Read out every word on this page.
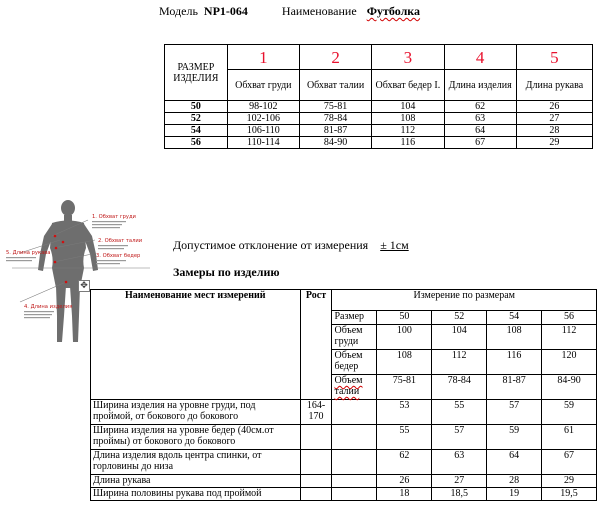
Модель NP1-064	Наименование Футболка
РАЗМЕР
ИЗДЕЛИЯ	1	2	3	4	5
	Обхват груди	Обхват талии	Обхват бедер I.	Длина изделия	Длина рукава
50	98-102	75-81	104	62	26
52	102-106	78-84	108	63	27
54	106-110	81-87	112	64	28
56	110-114	84-90	116	67	29
1. Обхват груди
2. Обхват талии
3. Обхват бедер
4. Длина изделия
5. Длина рукава
Допустимое отклонение от измерения ± 1см
Замеры по изделию
✥
Наименование мест измерений	Рост	Измерение по размерам				
		Размер	50	52	54	56
		Объем груди	100	104	108	112
		Объем бедер	108	112	116	120
		Объем талии	75-81	78-84	81-87	84-90
Ширина изделия на уровне груди, под проймой, от бокового до бокового	164-170		53	55	57	59
Ширина изделия на уровне бедер (40см.от проймы) от бокового до бокового			55	57	59	61
Длина изделия вдоль центра спинки, от горловины до низа			62	63	64	67
Длина рукава			26	27	28	29
Ширина половины рукава под проймой			18	18,5	19	19,5
